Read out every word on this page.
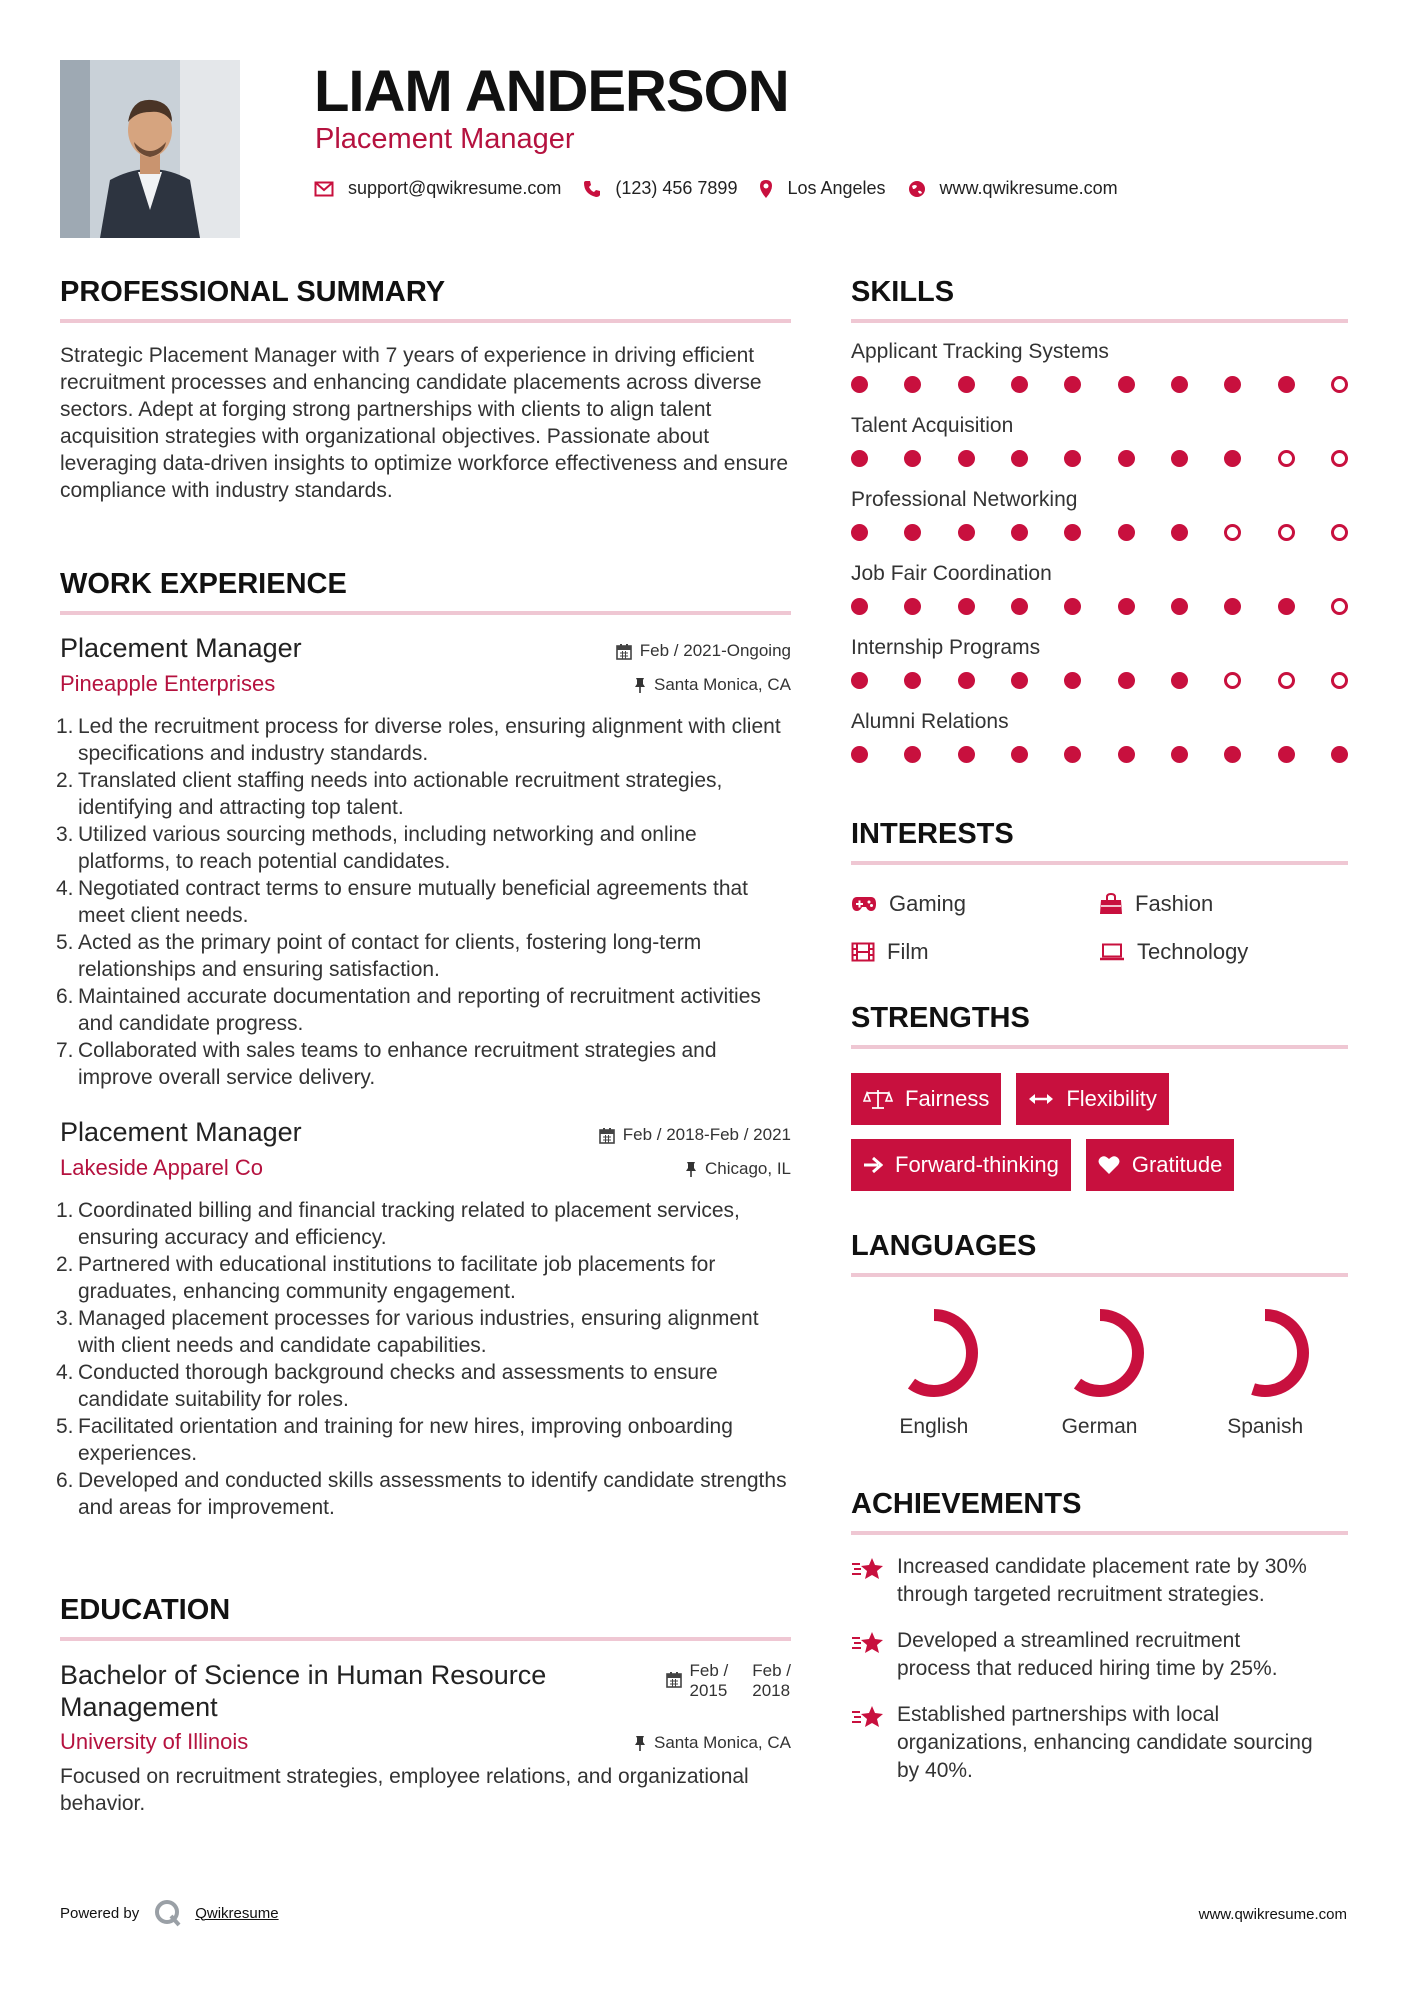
LIAM ANDERSON
Placement Manager
support@qwikresume.com	(123) 456 7899	Los Angeles	www.qwikresume.com
PROFESSIONAL SUMMARY
Strategic Placement Manager with 7 years of experience in driving efficient recruitment processes and enhancing candidate placements across diverse sectors. Adept at forging strong partnerships with clients to align talent acquisition strategies with organizational objectives. Passionate about leveraging data-driven insights to optimize workforce effectiveness and ensure compliance with industry standards.
WORK EXPERIENCE
Placement Manager	Feb / 2021-Ongoing
Pineapple Enterprises	Santa Monica, CA
1. Led the recruitment process for diverse roles, ensuring alignment with client specifications and industry standards.
2. Translated client staffing needs into actionable recruitment strategies, identifying and attracting top talent.
3. Utilized various sourcing methods, including networking and online platforms, to reach potential candidates.
4. Negotiated contract terms to ensure mutually beneficial agreements that meet client needs.
5. Acted as the primary point of contact for clients, fostering long-term relationships and ensuring satisfaction.
6. Maintained accurate documentation and reporting of recruitment activities and candidate progress.
7. Collaborated with sales teams to enhance recruitment strategies and improve overall service delivery.
Placement Manager	Feb / 2018-Feb / 2021
Lakeside Apparel Co	Chicago, IL
1. Coordinated billing and financial tracking related to placement services, ensuring accuracy and efficiency.
2. Partnered with educational institutions to facilitate job placements for graduates, enhancing community engagement.
3. Managed placement processes for various industries, ensuring alignment with client needs and candidate capabilities.
4. Conducted thorough background checks and assessments to ensure candidate suitability for roles.
5. Facilitated orientation and training for new hires, improving onboarding experiences.
6. Developed and conducted skills assessments to identify candidate strengths and areas for improvement.
EDUCATION
Bachelor of Science in Human Resource Management
Feb /
2015
Feb /
2018
University of Illinois	Santa Monica, CA
Focused on recruitment strategies, employee relations, and organizational behavior.
SKILLS
Applicant Tracking Systems
Talent Acquisition
Professional Networking
Job Fair Coordination
Internship Programs
Alumni Relations
INTERESTS
Gaming	Fashion
Film	Technology
STRENGTHS
Fairness	Flexibility
Forward-thinking	Gratitude
LANGUAGES
English	German	Spanish
ACHIEVEMENTS
Increased candidate placement rate by 30% through targeted recruitment strategies.
Developed a streamlined recruitment process that reduced hiring time by 25%.
Established partnerships with local organizations, enhancing candidate sourcing by 40%.
Powered by	Qwikresume	www.qwikresume.com
